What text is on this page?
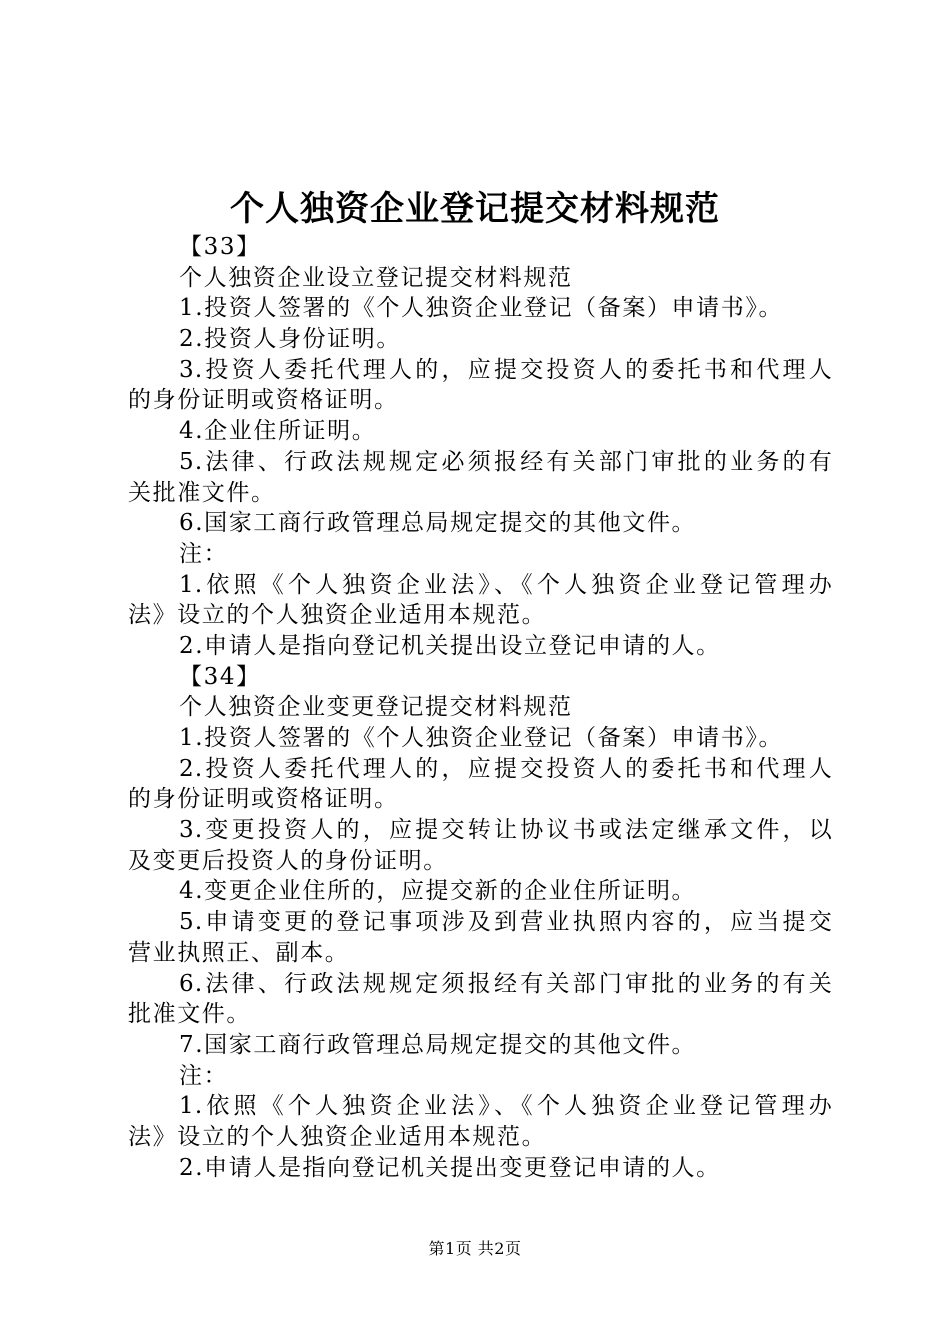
个人独资企业登记提交材料规范
【33】
个人独资企业设立登记提交材料规范
1.投资人签署的《个人独资企业登记（备案）申请书》。
2.投资人身份证明。
3.投资人委托代理人的，应提交投资人的委托书和代理人
的身份证明或资格证明。
4.企业住所证明。
5.法律、行政法规规定必须报经有关部门审批的业务的有
关批准文件。
6.国家工商行政管理总局规定提交的其他文件。
注：
1.依照《个人独资企业法》、《个人独资企业登记管理办
法》设立的个人独资企业适用本规范。
2.申请人是指向登记机关提出设立登记申请的人。
【34】
个人独资企业变更登记提交材料规范
1.投资人签署的《个人独资企业登记（备案）申请书》。
2.投资人委托代理人的，应提交投资人的委托书和代理人
的身份证明或资格证明。
3.变更投资人的，应提交转让协议书或法定继承文件，以
及变更后投资人的身份证明。
4.变更企业住所的，应提交新的企业住所证明。
5.申请变更的登记事项涉及到营业执照内容的，应当提交
营业执照正、副本。
6.法律、行政法规规定须报经有关部门审批的业务的有关
批准文件。
7.国家工商行政管理总局规定提交的其他文件。
注：
1.依照《个人独资企业法》、《个人独资企业登记管理办
法》设立的个人独资企业适用本规范。
2.申请人是指向登记机关提出变更登记申请的人。
第1页 共2页
